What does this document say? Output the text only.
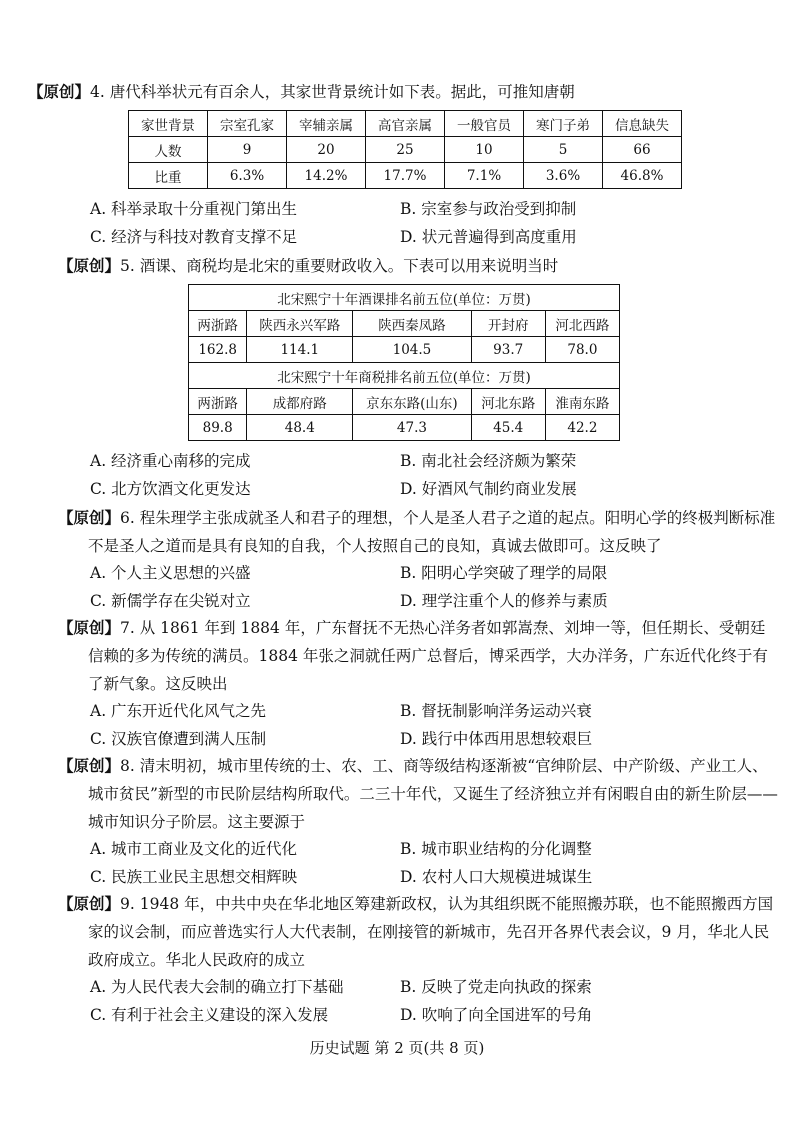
【原创】4. 唐代科举状元有百余人，其家世背景统计如下表。据此，可推知唐朝
家世背景	宗室孔家	宰辅亲属	高官亲属	一般官员	寒门子弟	信息缺失
人数	9	20	25	10	5	66
比重	6.3%	14.2%	17.7%	7.1%	3.6%	46.8%
A. 科举录取十分重视门第出生	B. 宗室参与政治受到抑制
C. 经济与科技对教育支撑不足	D. 状元普遍得到高度重用
【原创】5. 酒课、商税均是北宋的重要财政收入。下表可以用来说明当时
北宋熙宁十年酒课排名前五位(单位：万贯)				
两浙路	陕西永兴军路	陕西秦凤路	开封府	河北西路
162.8	114.1	104.5	93.7	78.0
北宋熙宁十年商税排名前五位(单位：万贯)				
两浙路	成都府路	京东东路(山东)	河北东路	淮南东路
89.8	48.4	47.3	45.4	42.2
A. 经济重心南移的完成	B. 南北社会经济颇为繁荣
C. 北方饮酒文化更发达	D. 好酒风气制约商业发展
【原创】6. 程朱理学主张成就圣人和君子的理想，个人是圣人君子之道的起点。阳明心学的终极判断标准不是圣人之道而是具有良知的自我，个人按照自己的良知，真诚去做即可。这反映了
A. 个人主义思想的兴盛	B. 阳明心学突破了理学的局限
C. 新儒学存在尖锐对立	D. 理学注重个人的修养与素质
【原创】7. 从 1861 年到 1884 年，广东督抚不无热心洋务者如郭嵩焘、刘坤一等，但任期长、受朝廷信赖的多为传统的满员。1884 年张之洞就任两广总督后，博采西学，大办洋务，广东近代化终于有了新气象。这反映出
A. 广东开近代化风气之先	B. 督抚制影响洋务运动兴衰
C. 汉族官僚遭到满人压制	D. 践行中体西用思想较艰巨
【原创】8. 清末明初，城市里传统的士、农、工、商等级结构逐渐被“官绅阶层、中产阶级、产业工人、城市贫民”新型的市民阶层结构所取代。二三十年代，又诞生了经济独立并有闲暇自由的新生阶层——城市知识分子阶层。这主要源于
A. 城市工商业及文化的近代化	B. 城市职业结构的分化调整
C. 民族工业民主思想交相辉映	D. 农村人口大规模进城谋生
【原创】9. 1948 年，中共中央在华北地区筹建新政权，认为其组织既不能照搬苏联，也不能照搬西方国家的议会制，而应普选实行人大代表制，在刚接管的新城市，先召开各界代表会议，9 月，华北人民政府成立。华北人民政府的成立
A. 为人民代表大会制的确立打下基础	B. 反映了党走向执政的探索
C. 有利于社会主义建设的深入发展	D. 吹响了向全国进军的号角
历史试题 第 2 页(共 8 页)
